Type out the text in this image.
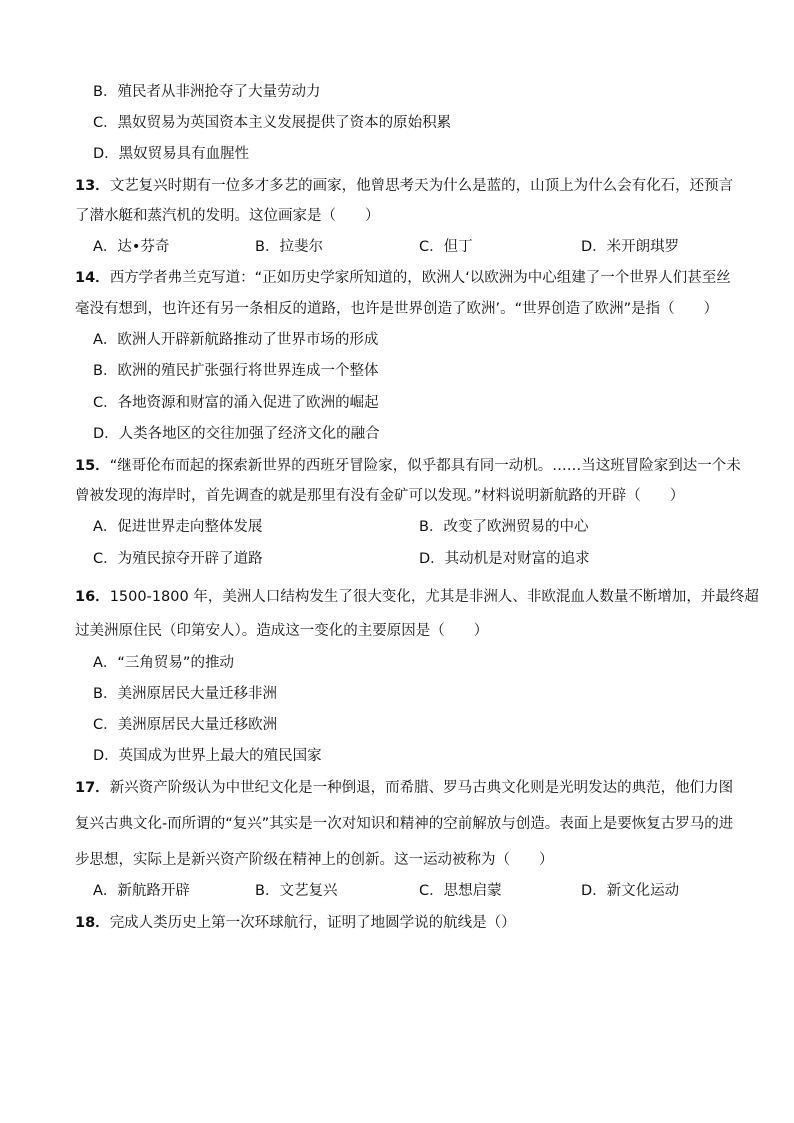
B．殖民者从非洲抢夺了大量劳动力
C．黑奴贸易为英国资本主义发展提供了资本的原始积累
D．黑奴贸易具有血腥性
13．文艺复兴时期有一位多才多艺的画家，他曾思考天为什么是蓝的，山顶上为什么会有化石，还预言
了潜水艇和蒸汽机的发明。这位画家是（　　）
A．达•芬奇	B．拉斐尔	C．但丁	D．米开朗琪罗
14．西方学者弗兰克写道：“正如历史学家所知道的，欧洲人‘以欧洲为中心组建了一个世界人们甚至丝
毫没有想到，也许还有另一条相反的道路，也许是世界创造了欧洲’。“世界创造了欧洲”是指（　　）
A．欧洲人开辟新航路推动了世界市场的形成
B．欧洲的殖民扩张强行将世界连成一个整体
C．各地资源和财富的涌入促进了欧洲的崛起
D．人类各地区的交往加强了经济文化的融合
15．“继哥伦布而起的探索新世界的西班牙冒险家，似乎都具有同一动机。……当这班冒险家到达一个未
曾被发现的海岸时，首先调查的就是那里有没有金矿可以发现。”材料说明新航路的开辟（　　）
A．促进世界走向整体发展	B．改变了欧洲贸易的中心
C．为殖民掠夺开辟了道路	D．其动机是对财富的追求
16．1500-1800 年，美洲人口结构发生了很大变化，尤其是非洲人、非欧混血人数量不断增加，并最终超
过美洲原住民（印第安人）。造成这一变化的主要原因是（　　）
A．“三角贸易”的推动
B．美洲原居民大量迁移非洲
C．美洲原居民大量迁移欧洲
D．英国成为世界上最大的殖民国家
17．新兴资产阶级认为中世纪文化是一种倒退，而希腊、罗马古典文化则是光明发达的典范，他们力图
复兴古典文化-而所谓的“复兴”其实是一次对知识和精神的空前解放与创造。表面上是要恢复古罗马的进
步思想，实际上是新兴资产阶级在精神上的创新。这一运动被称为（　　）
A．新航路开辟	B．文艺复兴	C．思想启蒙	D．新文化运动
18．完成人类历史上第一次环球航行，证明了地圆学说的航线是（）
